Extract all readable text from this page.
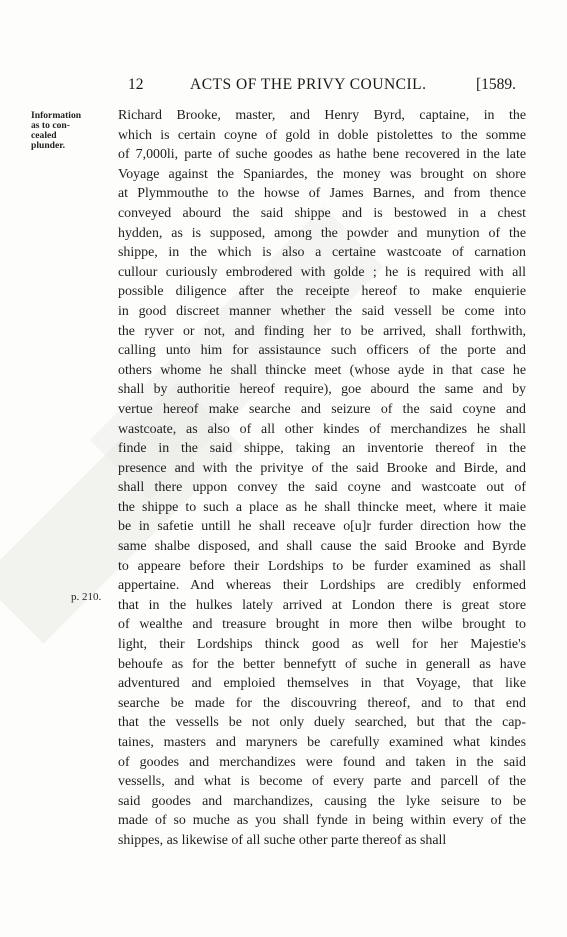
12	ACTS OF THE PRIVY COUNCIL.	[1589.
Information
as to con-
cealed
plunder.
p. 210.
Richard Brooke, master, and Henry Byrd, captaine, in the
which is certain coyne of gold in doble pistolettes to the somme
of 7,000li, parte of suche goodes as hathe bene recovered in the late
Voyage against the Spaniardes, the money was brought on shore
at Plymmouthe to the howse of James Barnes, and from thence
conveyed abourd the said shippe and is bestowed in a chest
hydden, as is supposed, among the powder and munytion of the
shippe, in the which is also a certaine wastcoate of carnation
cullour curiously embrodered with golde ; he is required with all
possible diligence after the receipte hereof to make enquierie
in good discreet manner whether the said vessell be come into
the ryver or not, and finding her to be arrived, shall forthwith,
calling unto him for assistaunce such officers of the porte and
others whome he shall thincke meet (whose ayde in that case he
shall by authoritie hereof require), goe abourd the same and by
vertue hereof make searche and seizure of the said coyne and
wastcoate, as also of all other kindes of merchandizes he shall
finde in the said shippe, taking an inventorie thereof in the
presence and with the privitye of the said Brooke and Birde, and
shall there uppon convey the said coyne and wastcoate out of
the shippe to such a place as he shall thincke meet, where it maie
be in safetie untill he shall receave o[u]r furder direction how the
same shalbe disposed, and shall cause the said Brooke and Byrde
to appeare before their Lordships to be furder examined as shall
appertaine. And whereas their Lordships are credibly enformed
that in the hulkes lately arrived at London there is great store
of wealthe and treasure brought in more then wilbe brought to
light, their Lordships thinck good as well for her Majestie's
behoufe as for the better bennefytt of suche in generall as have
adventured and emploied themselves in that Voyage, that like
searche be made for the discouvring thereof, and to that end
that the vessells be not only duely searched, but that the cap-
taines, masters and maryners be carefully examined what kindes
of goodes and merchandizes were found and taken in the said
vessells, and what is become of every parte and parcell of the
said goodes and marchandizes, causing the lyke seisure to be
made of so muche as you shall fynde in being within every of the
shippes, as likewise of all suche other parte thereof as shall
